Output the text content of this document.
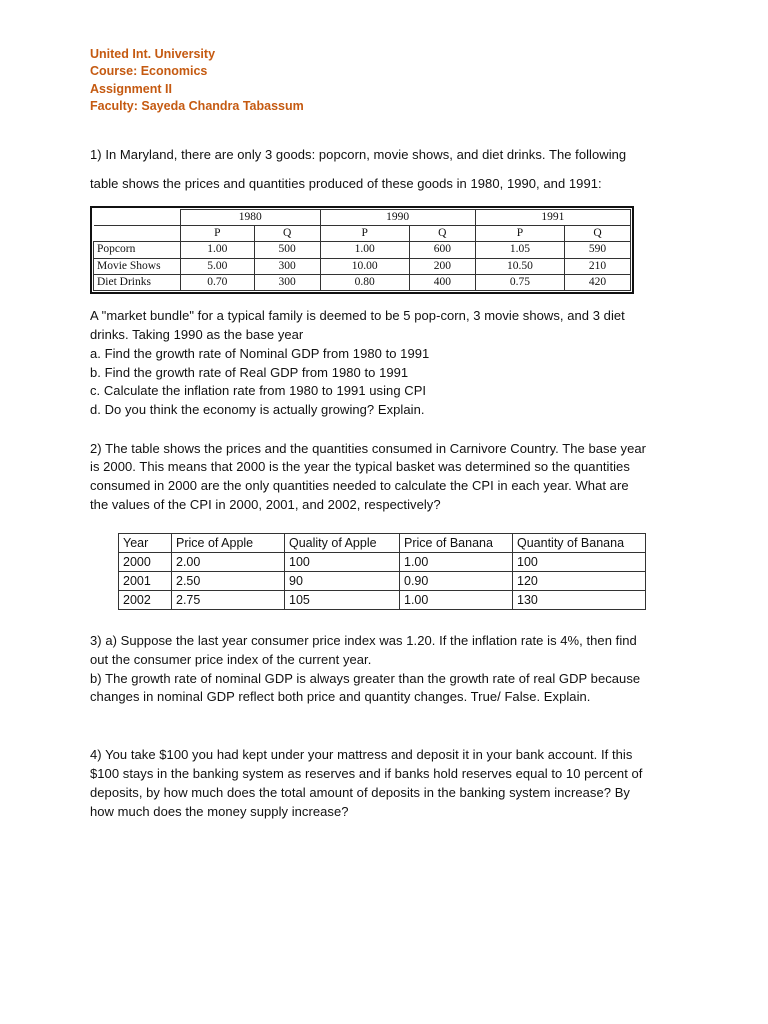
United Int. University
Course: Economics
Assignment II
Faculty: Sayeda Chandra Tabassum
1) In Maryland, there are only 3 goods: popcorn, movie shows, and diet drinks. The following
table shows the prices and quantities produced of these goods in 1980, 1990, and 1991:
	1980		1990		1991	
	P	Q	P	Q	P	Q
Popcorn	1.00	500	1.00	600	1.05	590
Movie Shows	5.00	300	10.00	200	10.50	210
Diet Drinks	0.70	300	0.80	400	0.75	420
A "market bundle" for a typical family is deemed to be 5 pop-corn, 3 movie shows, and 3 diet
drinks. Taking 1990 as the base year
a. Find the growth rate of Nominal GDP from 1980 to 1991
b. Find the growth rate of Real GDP from 1980 to 1991
c. Calculate the inflation rate from 1980 to 1991 using CPI
d. Do you think the economy is actually growing? Explain.
2) The table shows the prices and the quantities consumed in Carnivore Country. The base year
is 2000. This means that 2000 is the year the typical basket was determined so the quantities
consumed in 2000 are the only quantities needed to calculate the CPI in each year. What are
the values of the CPI in 2000, 2001, and 2002, respectively?
Year	Price of Apple	Quality of Apple	Price of Banana	Quantity of Banana
2000	2.00	100	1.00	100
2001	2.50	90	0.90	120
2002	2.75	105	1.00	130
3) a) Suppose the last year consumer price index was 1.20. If the inflation rate is 4%, then find
out the consumer price index of the current year.
b) The growth rate of nominal GDP is always greater than the growth rate of real GDP because
changes in nominal GDP reflect both price and quantity changes. True/ False. Explain.
4) You take $100 you had kept under your mattress and deposit it in your bank account. If this
$100 stays in the banking system as reserves and if banks hold reserves equal to 10 percent of
deposits, by how much does the total amount of deposits in the banking system increase? By
how much does the money supply increase?
